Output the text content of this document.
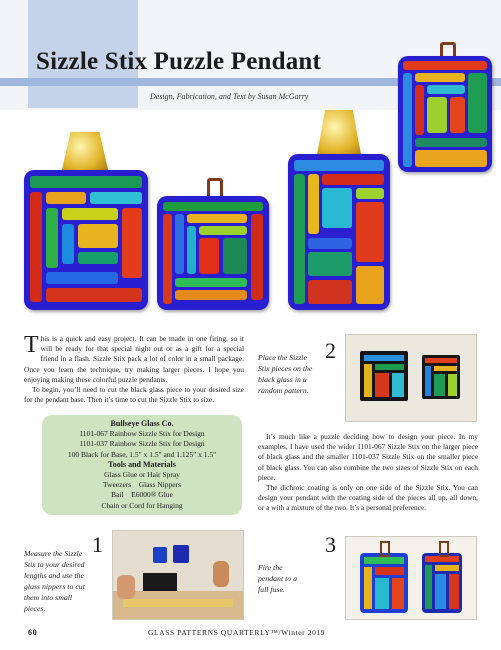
Sizzle Stix Puzzle Pendant
Design, Fabrication, and Text by Susan McGarry
This is a quick and easy project. It can be made in one firing, so it will be ready for that special night out or as a gift for a special friend in a flash. Sizzle Stix pack a lot of color in a small package. Once you learn the technique, try making larger pieces. I hope you enjoying making these colorful puzzle pendants.
To begin, you’ll need to cut the black glass piece to your desired size for the pendant base. Then it’s time to cut the Sizzle Stix to size.
Bullseye Glass Co.
1101-067 Rainbow Sizzle Stix for Design
1101-037 Rainbow Sizzle Stix for Design
100 Black for Base, 1.5" x 1.5" and 1.125" x 1.5"
Tools and Materials
Glass Glue or Hair Spray
Tweezers    Glass Nippers
Bail    E6000® Glue
Chain or Cord for Hanging
Place the Sizzle Stix pieces on the black glass in a random pattern.
2
It’s much like a puzzle deciding how to design your piece. In my examples, I have used the wider 1101-067 Sizzle Stix on the larger piece of black glass and the smaller 1101-037 Sizzle Stix on the smaller piece of black glass. You can also combine the two sizes of Sizzle Stix on each piece.
The dichroic coating is only on one side of the Sizzle Stix. You can design your pendant with the coating side of the pieces all up, all down, or a with a mixture of the two. It’s a personal preference.
Measure the Sizzle Stix to your desired lengths and use the glass nippers to cut them into small pieces.
1
Fire the pendant to a full fuse.
3
60	GLASS PATTERNS QUARTERLY™/Winter 2019
